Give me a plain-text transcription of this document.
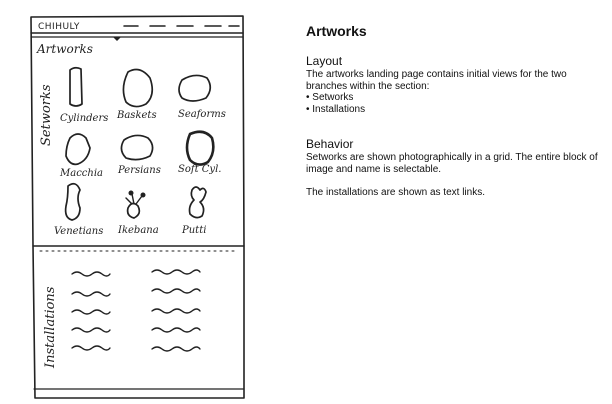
CHIHULY
Artworks
Setworks
Installations
Cylinders Baskets Seaforms
Macchia Persians Soft Cyl.
Venetians Ikebana Putti
Artworks
Layout

The artworks landing page contains initial views for the two branches within the section:

• Setworks
• Installations
Behavior

Setworks are shown photographically in a grid. The entire block of image and name is selectable.

The installations are shown as text links.
